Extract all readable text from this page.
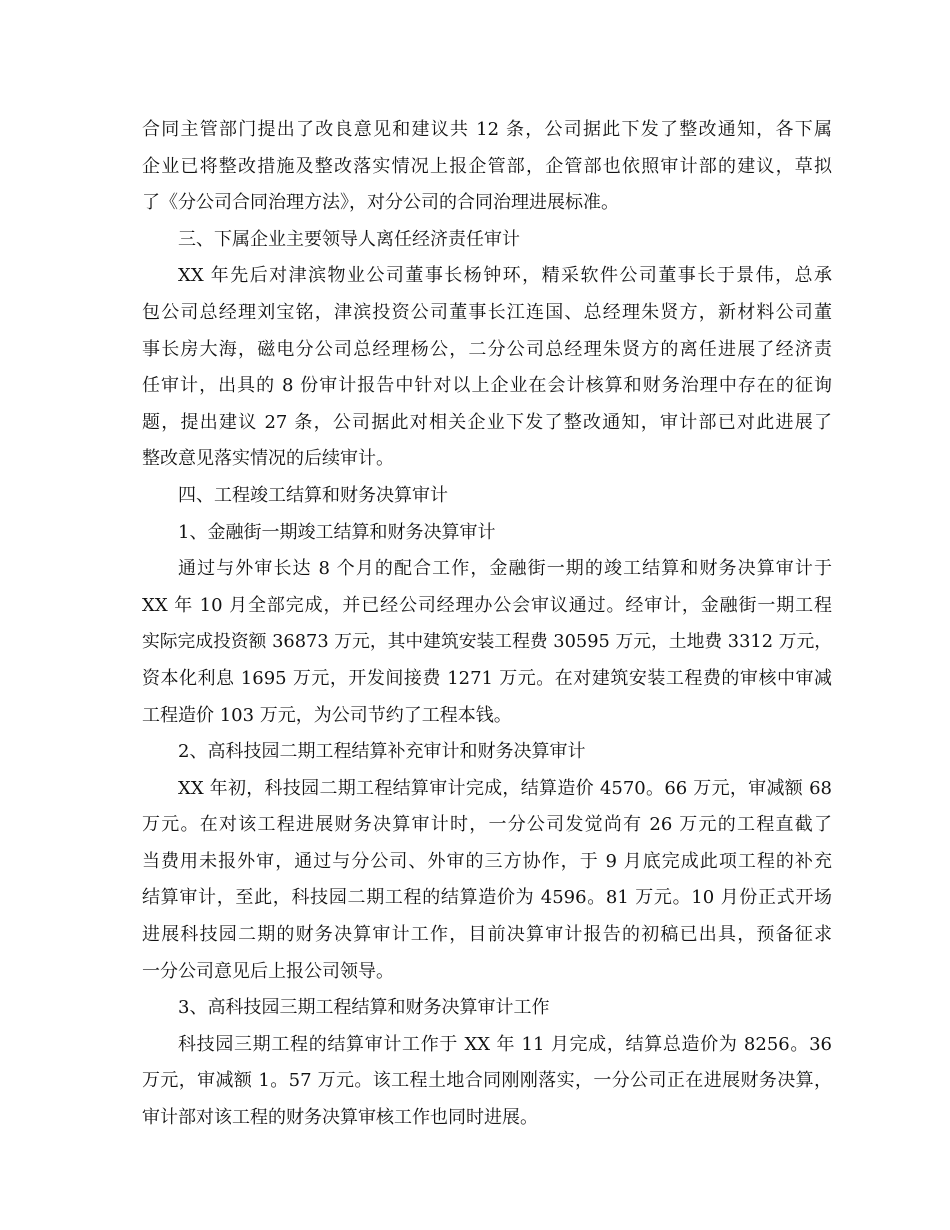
合同主管部门提出了改良意见和建议共 12 条，公司据此下发了整改通知，各下属
企业已将整改措施及整改落实情况上报企管部，企管部也依照审计部的建议，草拟
了《分公司合同治理方法》，对分公司的合同治理进展标准。
三、下属企业主要领导人离任经济责任审计
XX 年先后对津滨物业公司董事长杨钟环，精采软件公司董事长于景伟，总承
包公司总经理刘宝铭，津滨投资公司董事长江连国、总经理朱贤方，新材料公司董
事长房大海，磁电分公司总经理杨公，二分公司总经理朱贤方的离任进展了经济责
任审计，出具的 8 份审计报告中针对以上企业在会计核算和财务治理中存在的征询
题，提出建议 27 条，公司据此对相关企业下发了整改通知，审计部已对此进展了
整改意见落实情况的后续审计。
四、工程竣工结算和财务决算审计
1、金融街一期竣工结算和财务决算审计
通过与外审长达 8 个月的配合工作，金融街一期的竣工结算和财务决算审计于
XX 年 10 月全部完成，并已经公司经理办公会审议通过。经审计，金融街一期工程
实际完成投资额 36873 万元，其中建筑安装工程费 30595 万元，土地费 3312 万元，
资本化利息 1695 万元，开发间接费 1271 万元。在对建筑安装工程费的审核中审减
工程造价 103 万元，为公司节约了工程本钱。
2、高科技园二期工程结算补充审计和财务决算审计
XX 年初，科技园二期工程结算审计完成，结算造价 4570。66 万元，审减额 68
万元。在对该工程进展财务决算审计时，一分公司发觉尚有 26 万元的工程直截了
当费用未报外审，通过与分公司、外审的三方协作，于 9 月底完成此项工程的补充
结算审计，至此，科技园二期工程的结算造价为 4596。81 万元。10 月份正式开场
进展科技园二期的财务决算审计工作，目前决算审计报告的初稿已出具，预备征求
一分公司意见后上报公司领导。
3、高科技园三期工程结算和财务决算审计工作
科技园三期工程的结算审计工作于 XX 年 11 月完成，结算总造价为 8256。36
万元，审减额 1。57 万元。该工程土地合同刚刚落实，一分公司正在进展财务决算，
审计部对该工程的财务决算审核工作也同时进展。
